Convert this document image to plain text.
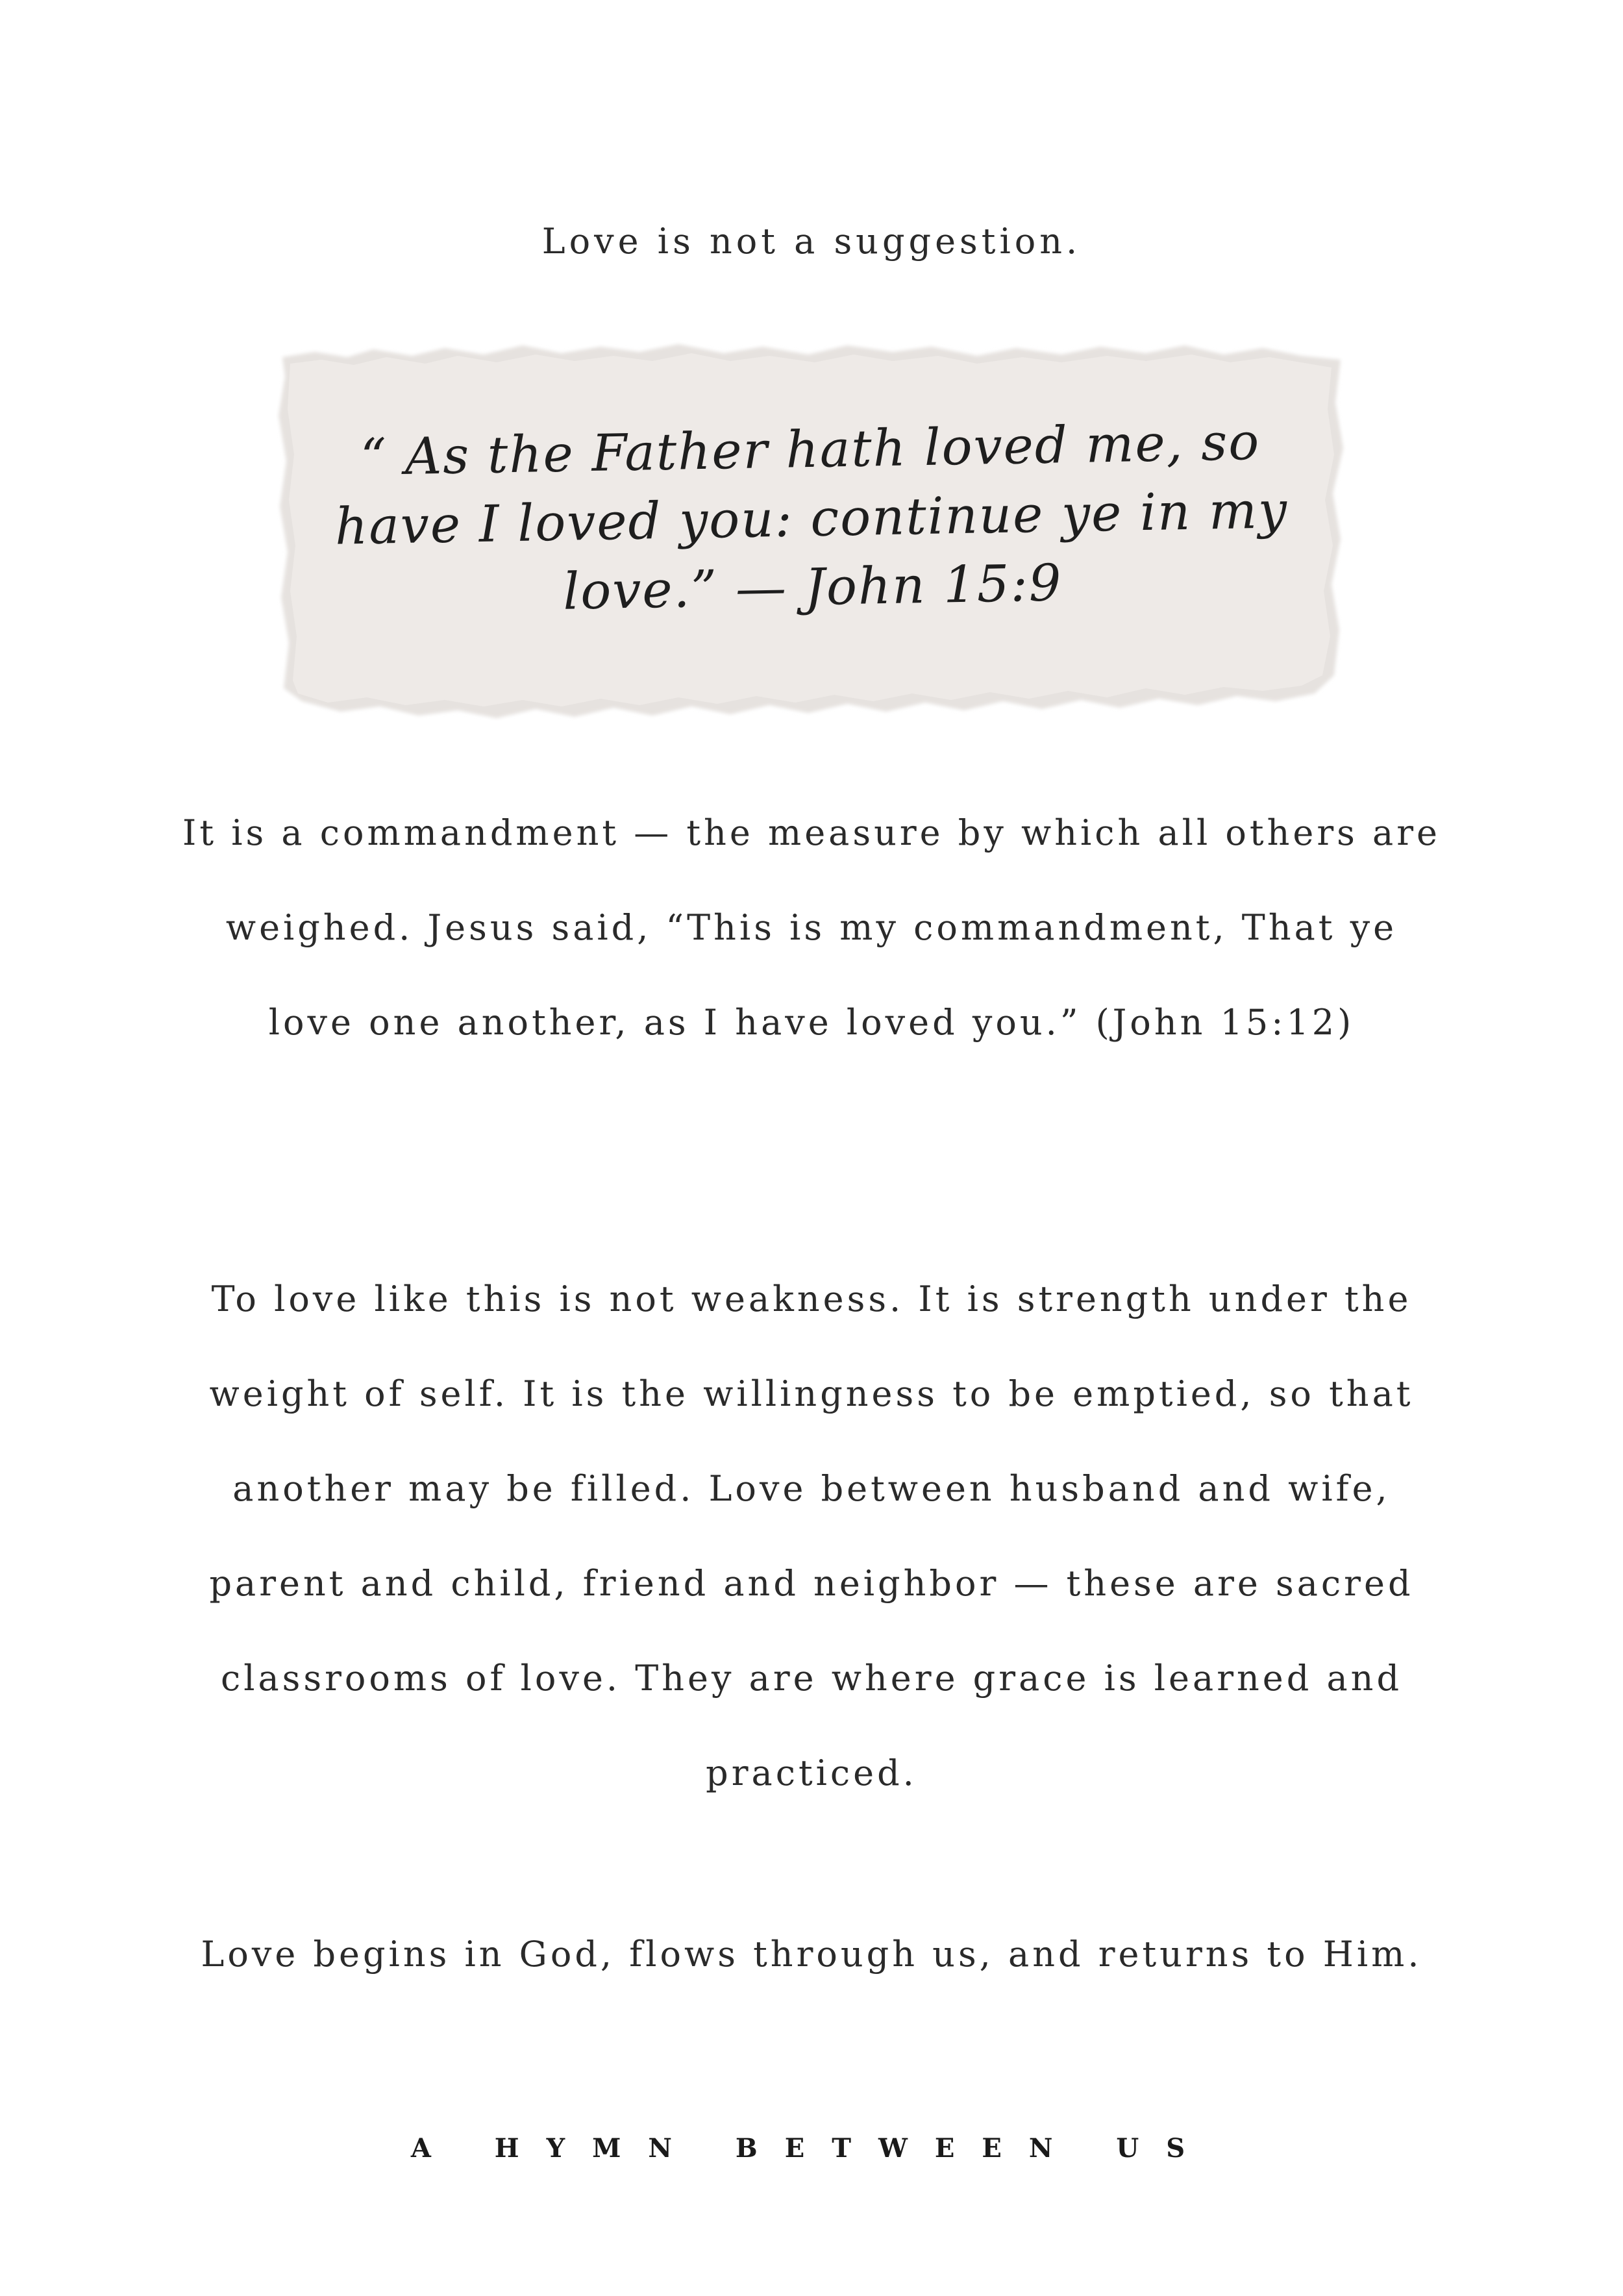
Love is not a suggestion.
“ As the Father hath loved me, so have I loved you: continue ye in my love.” — John 15:9

It is a commandment — the measure by which all others are weighed. Jesus said, “This is my commandment, That ye love one another, as I have loved you.” (John 15:12)

To love like this is not weakness. It is strength under the weight of self. It is the willingness to be emptied, so that another may be filled. Love between husband and wife, parent and child, friend and neighbor — these are sacred classrooms of love. They are where grace is learned and practiced.

Love begins in God, flows through us, and returns to Him.

A HYMN BETWEEN US
